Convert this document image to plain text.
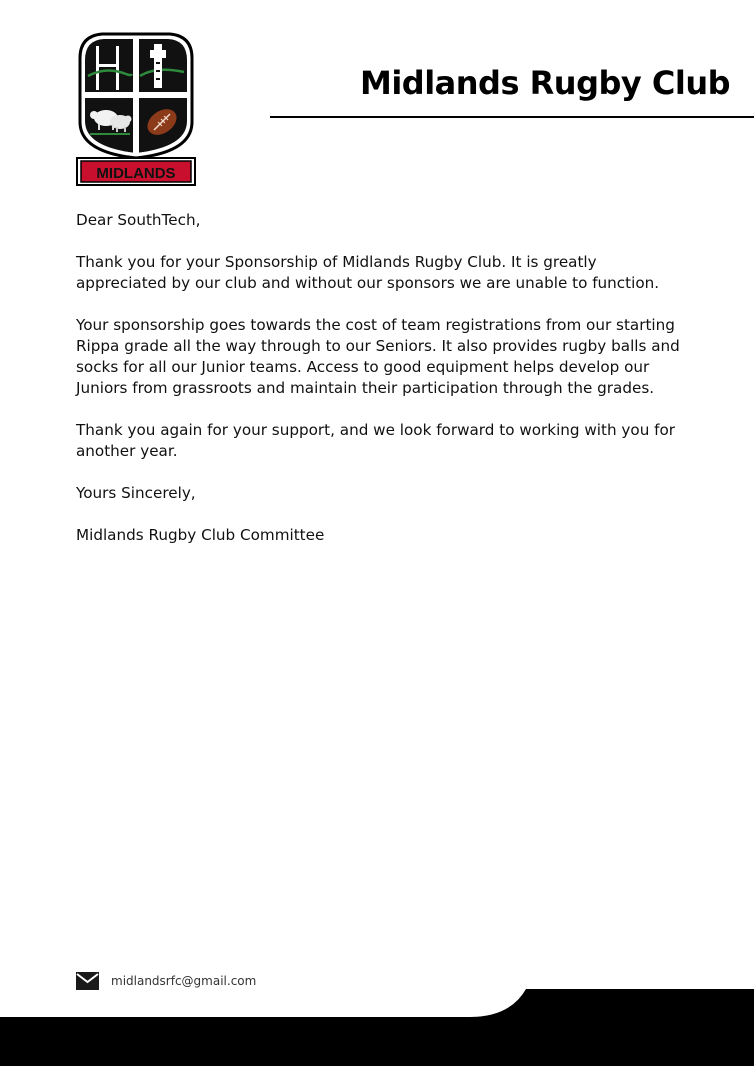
MIDLANDS
Midlands Rugby Club

Dear SouthTech,

Thank you for your Sponsorship of Midlands Rugby Club. It is greatly appreciated by our club and without our sponsors we are unable to function.

Your sponsorship goes towards the cost of team registrations from our starting Rippa grade all the way through to our Seniors. It also provides rugby balls and socks for all our Junior teams. Access to good equipment helps develop our Juniors from grassroots and maintain their participation through the grades.

Thank you again for your support, and we look forward to working with you for another year.

Yours Sincerely,

Midlands Rugby Club Committee

midlandsrfc@gmail.com
